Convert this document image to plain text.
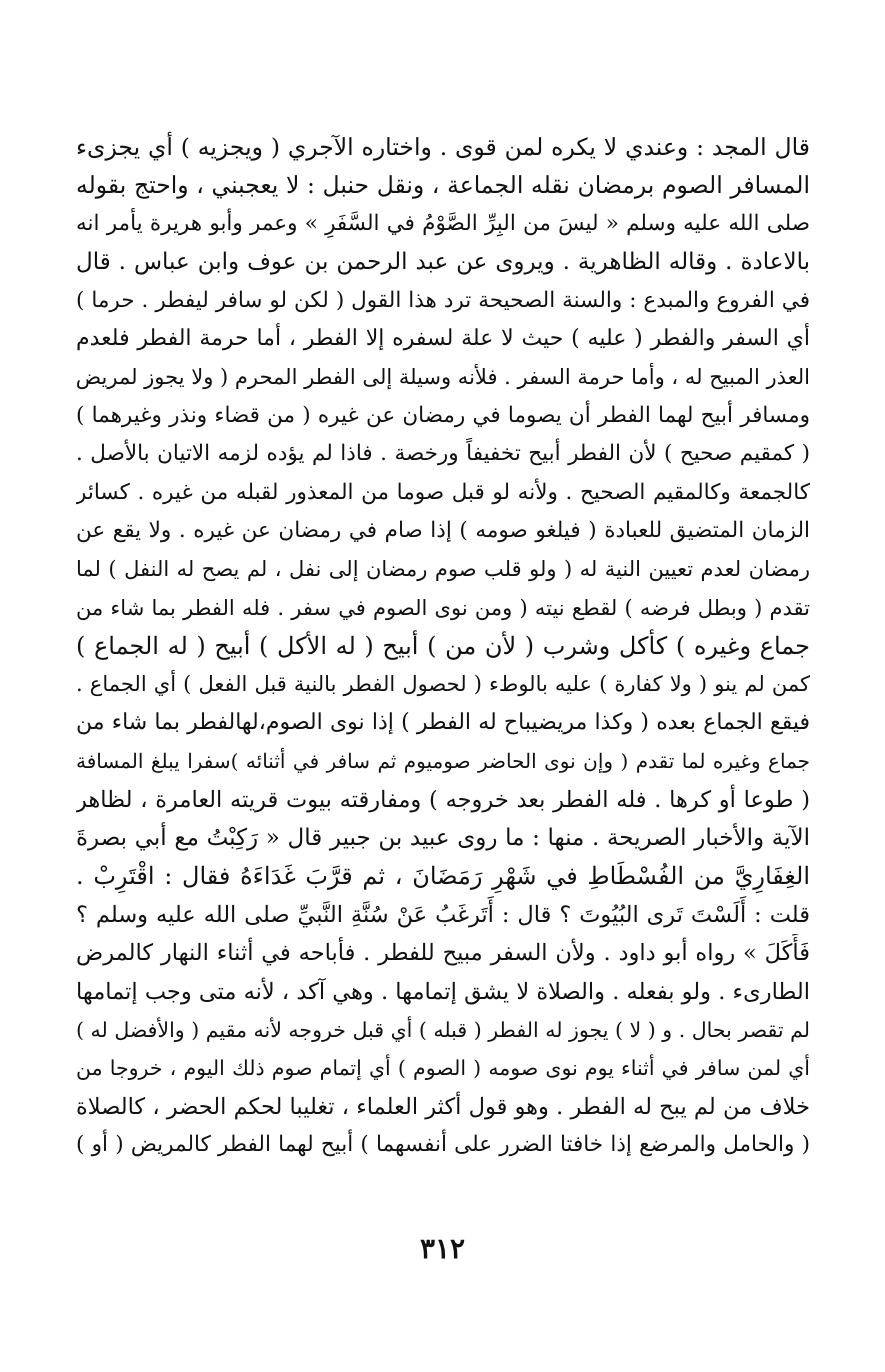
قال المجد : وعندي لا يكره لمن قوى . واختاره الآجري ( ويجزيه ) أي يجزىء
المسافر الصوم برمضان نقله الجماعة ، ونقل حنبل : لا يعجبني ، واحتج بقوله
صلى الله عليه وسلم « ليسَ من البِرِّ الصَّوْمُ في السَّفَرِ » وعمر وأبو هريرة يأمر انه
بالاعادة . وقاله الظاهرية . ويروى عن عبد الرحمن بن عوف وابن عباس . قال
في الفروع والمبدع : والسنة الصحيحة ترد هذا القول ( لكن لو سافر ليفطر . حرما )
أي السفر والفطر ( عليه ) حيث لا علة لسفره إلا الفطر ، أما حرمة الفطر فلعدم
العذر المبيح له ، وأما حرمة السفر . فلأنه وسيلة إلى الفطر المحرم ( ولا يجوز لمريض
ومسافر أبيح لهما الفطر أن يصوما في رمضان عن غيره ( من قضاء ونذر وغيرهما )
( كمقيم صحيح ) لأن الفطر أبيح تخفيفاً ورخصة . فاذا لم يؤده لزمه الاتيان بالأصل .
كالجمعة وكالمقيم الصحيح . ولأنه لو قبل صوما من المعذور لقبله من غيره . كسائر
الزمان المتضيق للعبادة ( فيلغو صومه ) إذا صام في رمضان عن غيره . ولا يقع عن
رمضان لعدم تعيين النية له ( ولو قلب صوم رمضان إلى نفل ، لم يصح له النفل ) لما
تقدم ( وبطل فرضه ) لقطع نيته ( ومن نوى الصوم في سفر . فله الفطر بما شاء من
جماع وغيره ) كأكل وشرب ( لأن من ) أبيح ( له الأكل ) أبيح ( له الجماع )
كمن لم ينو ( ولا كفارة ) عليه بالوطء ( لحصول الفطر بالنية قبل الفعل ) أي الجماع .
فيقع الجماع بعده ( وكذا مريضيباح له الفطر ) إذا نوى الصوم،لهالفطر بما شاء من
جماع وغيره لما تقدم ( وإن نوى الحاضر صوميوم ثم سافر في أثنائه )سفرا يبلغ المسافة
( طوعا أو كرها . فله الفطر بعد خروجه ) ومفارقته بيوت قريته العامرة ، لظاهر
الآية والأخبار الصريحة . منها : ما روى عبيد بن جبير قال « رَكِبْتُ مع أبي بصرةَ
الغِفَارِيَّ من الفُسْطَاطِ في شَهْرِ رَمَضَانَ ، ثم قرَّبَ غَدَاءَهُ فقال : اقْتَرِبْ .
قلت : أَلَسْتَ تَرى البُيُوتَ ؟ قال : أَتَرغَبُ عَنْ سُنَّةِ النَّبيِّ صلى الله عليه وسلم ؟
فَأَكَلَ » رواه أبو داود . ولأن السفر مبيح للفطر . فأباحه في أثناء النهار كالمرض
الطارىء . ولو بفعله . والصلاة لا يشق إتمامها . وهي آكد ، لأنه متى وجب إتمامها
لم تقصر بحال . و ( لا ) يجوز له الفطر ( قبله ) أي قبل خروجه لأنه مقيم ( والأفضل له )
أي لمن سافر في أثناء يوم نوى صومه ( الصوم ) أي إتمام صوم ذلك اليوم ، خروجا من
خلاف من لم يبح له الفطر . وهو قول أكثر العلماء ، تغليبا لحكم الحضر ، كالصلاة
( والحامل والمرضع إذا خافتا الضرر على أنفسهما ) أبيح لهما الفطر كالمريض ( أو )
٣١٢
